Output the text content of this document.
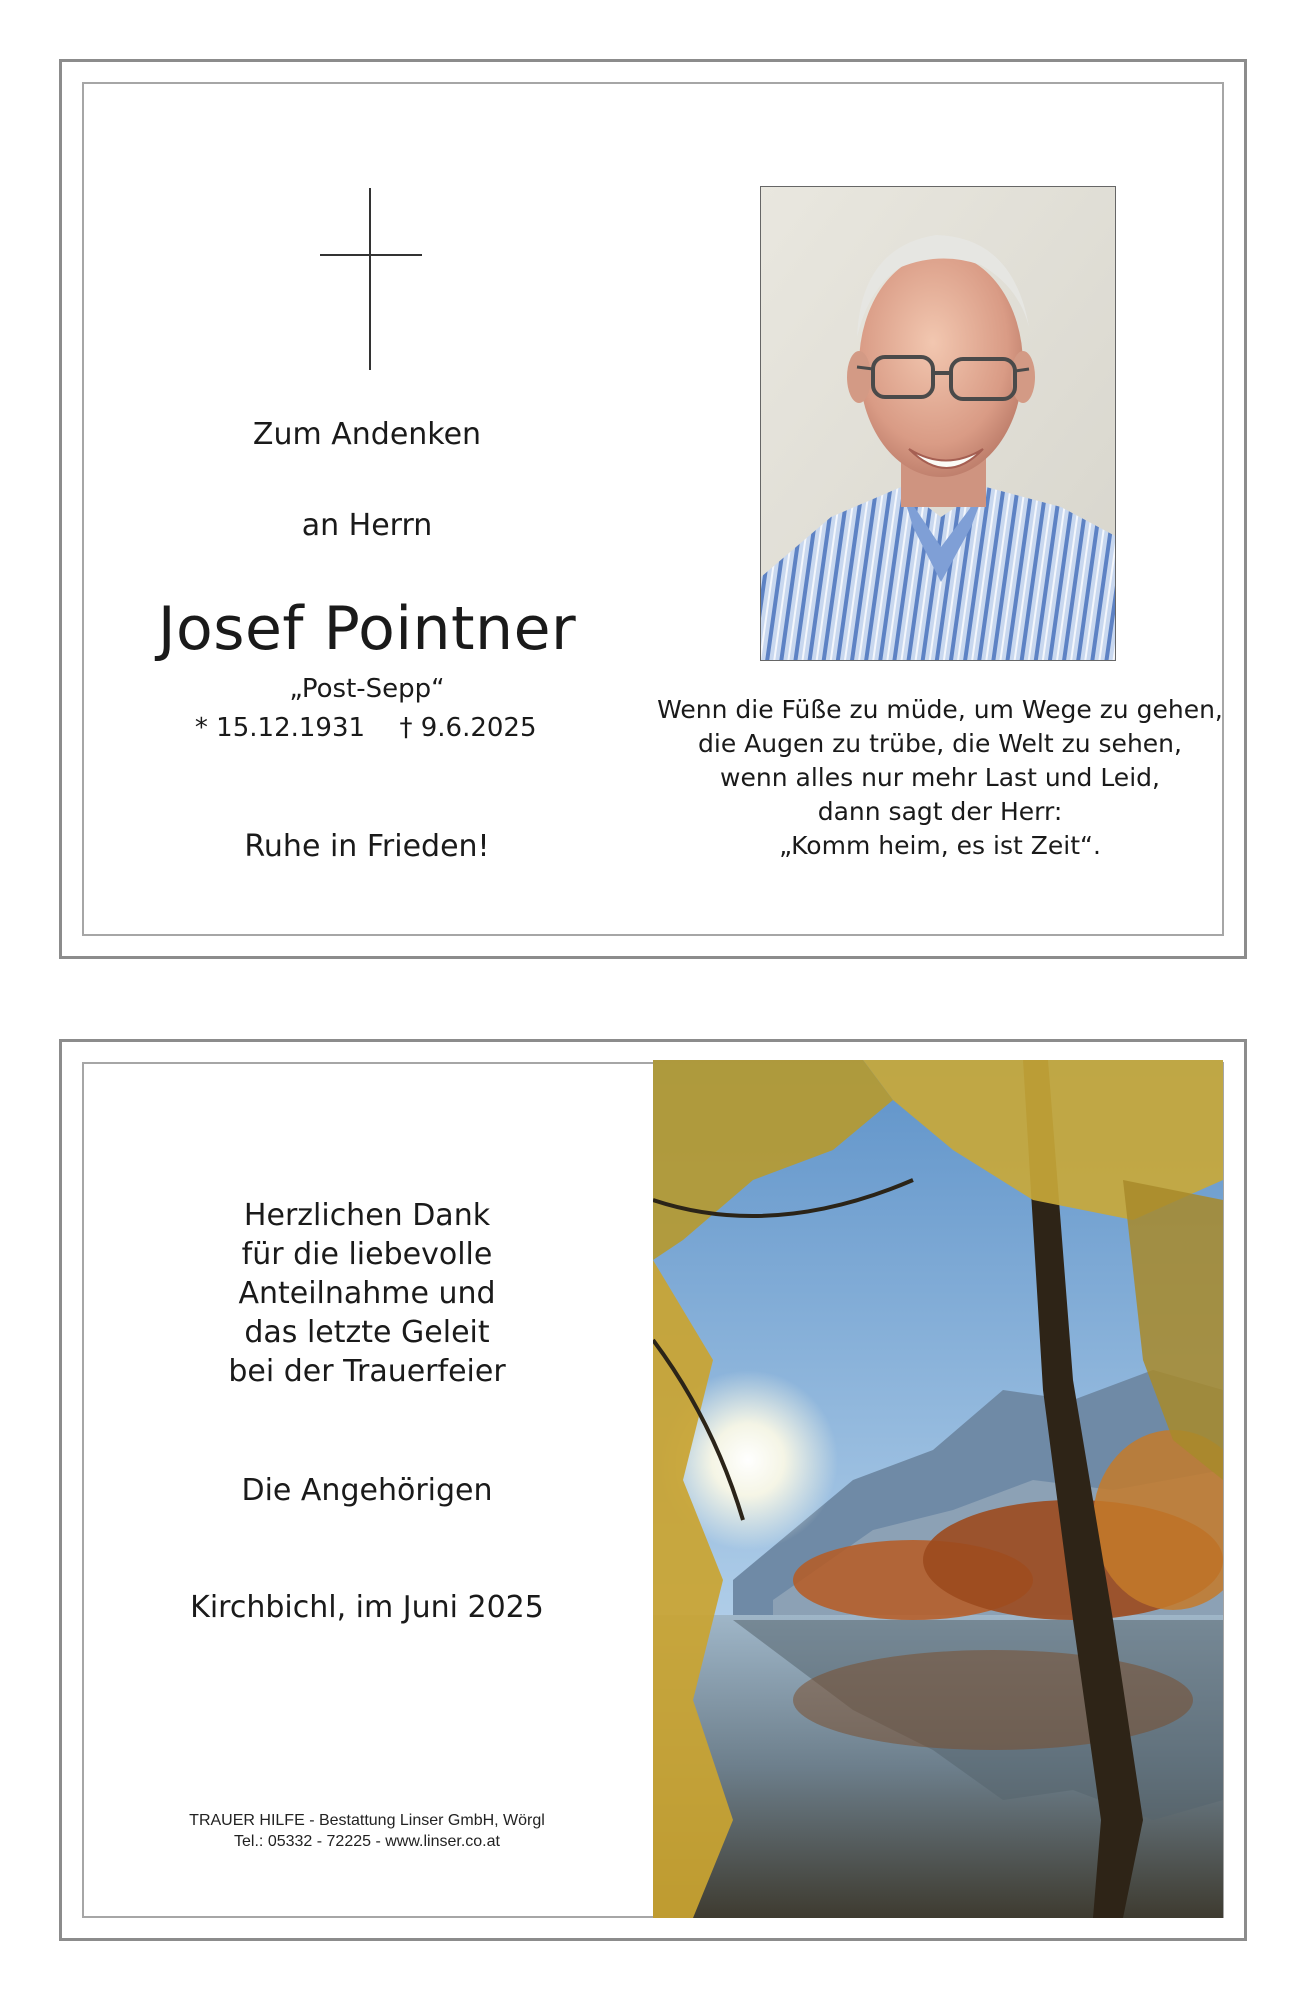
Zum Andenken
an Herrn
Josef Pointner
„Post-Sepp“
* 15.12.1931	† 9.6.2025
Ruhe in Frieden!
Wenn die Füße zu müde, um Wege zu gehen,
die Augen zu trübe, die Welt zu sehen,
wenn alles nur mehr Last und Leid,
dann sagt der Herr:
„Komm heim, es ist Zeit“.
Herzlichen Dank
für die liebevolle
Anteilnahme und
das letzte Geleit
bei der Trauerfeier
Die Angehörigen
Kirchbichl, im Juni 2025
TRAUER HILFE - Bestattung Linser GmbH, Wörgl
Tel.: 05332 - 72225 - www.linser.co.at
